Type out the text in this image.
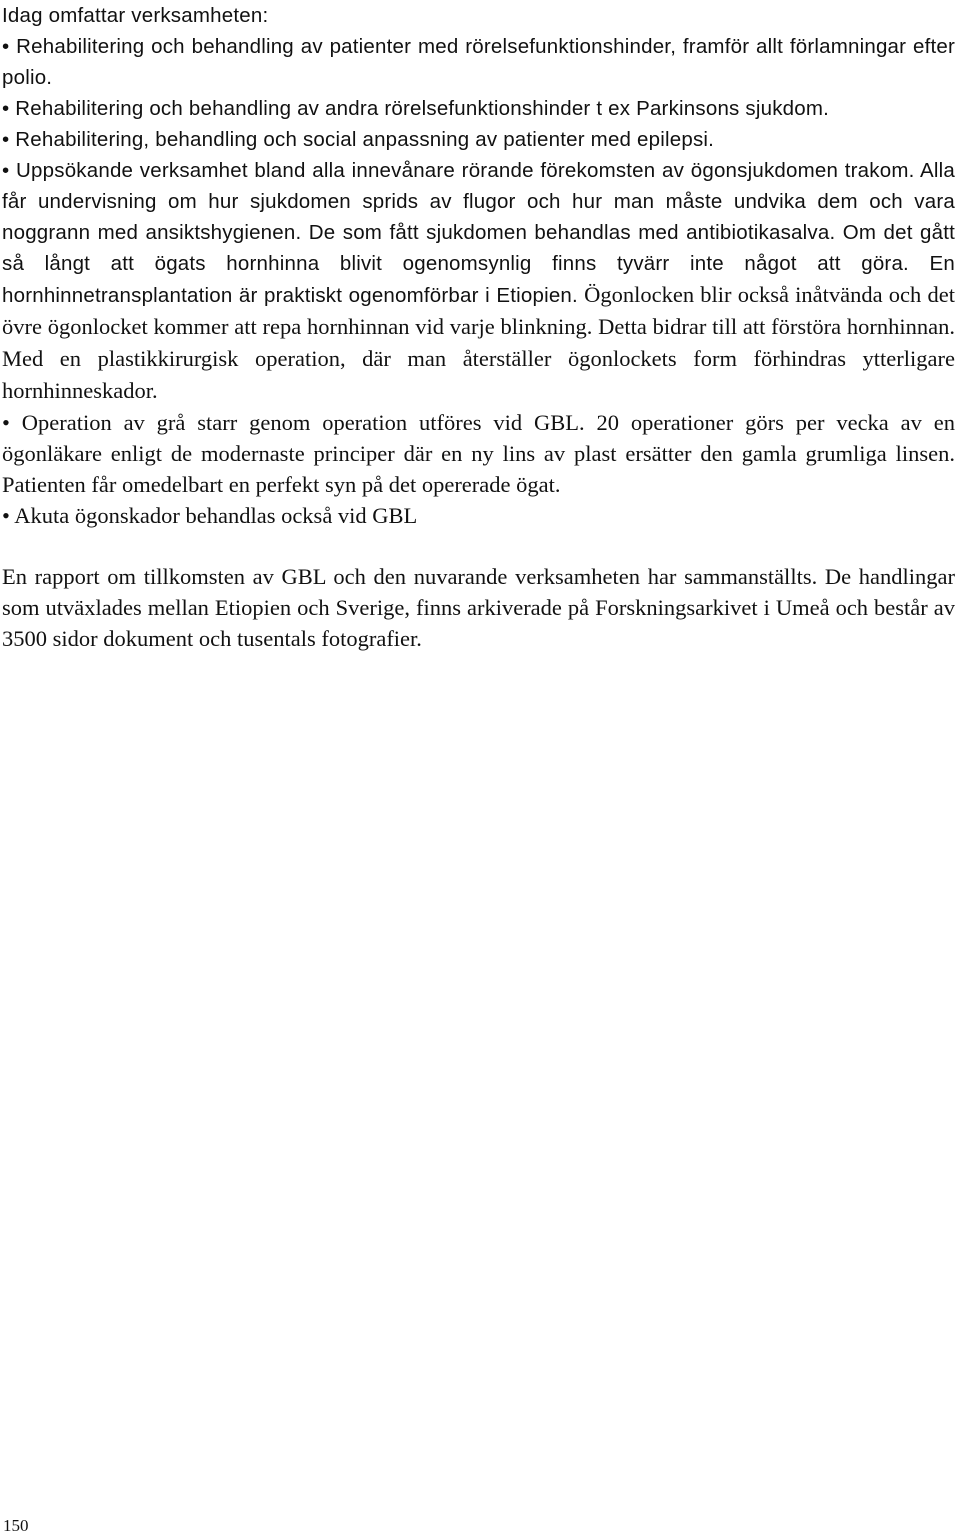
Idag omfattar verksamheten:

• Rehabilitering och behandling av patienter med rörelsefunktionshinder, framför allt förlamningar efter polio.

• Rehabilitering och behandling av andra rörelsefunktionshinder t ex Parkinsons sjukdom.

• Rehabilitering, behandling och social anpassning av patienter med epilepsi.

• Uppsökande verksamhet bland alla innevånare rörande förekomsten av ögonsjukdomen trakom. Alla får undervisning om hur sjukdomen sprids av flugor och hur man måste undvika dem och vara noggrann med ansiktshygienen. De som fått sjukdomen behandlas med antibiotikasalva. Om det gått så långt att ögats hornhinna blivit ogenomsynlig finns tyvärr inte något att göra. En hornhinnetransplantation är praktiskt ogenomförbar i Etiopien. Ögonlocken blir också inåtvända och det övre ögonlocket kommer att repa hornhinnan vid varje blinkning. Detta bidrar till att förstöra hornhinnan. Med en plastikkirurgisk operation, där man återställer ögonlockets form förhindras ytterligare hornhinneskador.

• Operation av grå starr genom operation utföres vid GBL. 20 operationer görs per vecka av en ögonläkare enligt de modernaste principer där en ny lins av plast ersätter den gamla grumliga linsen. Patienten får omedelbart en perfekt syn på det opererade ögat.

• Akuta ögonskador behandlas också vid GBL

En rapport om tillkomsten av GBL och den nuvarande verksamheten har sammanställts. De handlingar som utväxlades mellan Etiopien och Sverige, finns arkiverade på Forskningsarkivet i Umeå och består av 3500 sidor dokument och tusentals fotografier.

150
